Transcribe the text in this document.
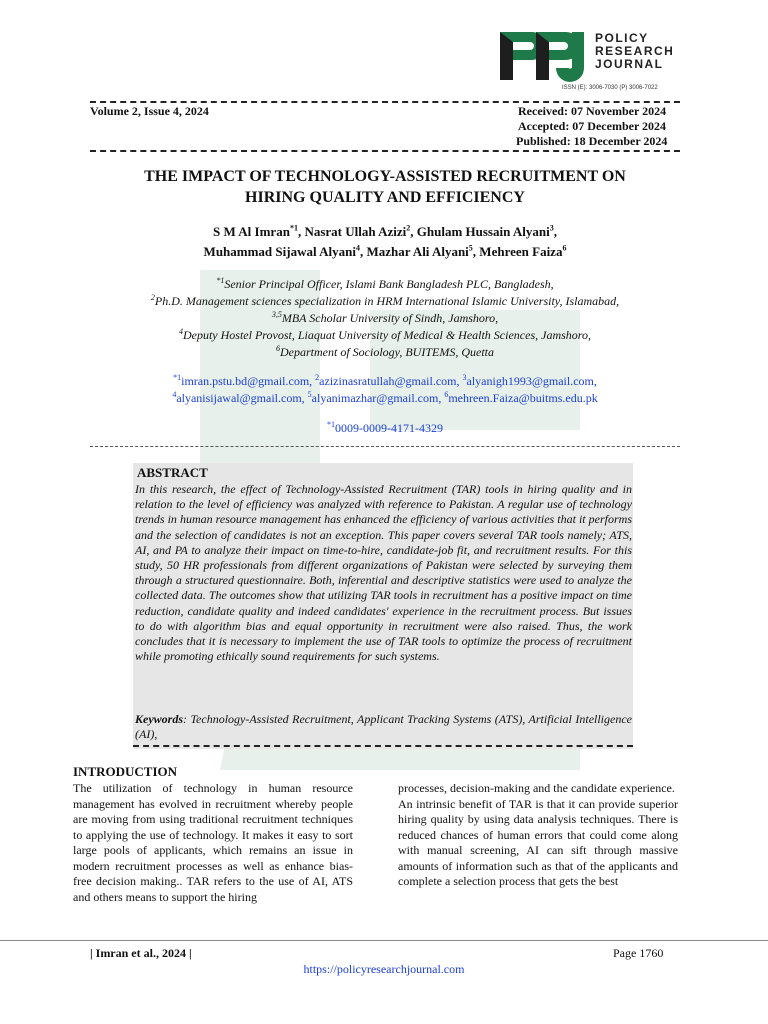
POLICY
RESEARCH
JOURNAL
ISSN (E): 3006-7030 (P) 3006-7022
Volume 2, Issue 4, 2024	Received: 07 November 2024
Accepted: 07 December 2024
Published: 18 December 2024
THE IMPACT OF TECHNOLOGY-ASSISTED RECRUITMENT ON
HIRING QUALITY AND EFFICIENCY
S M Al Imran$^{*1}$, Nasrat Ullah Azizi$^2$, Ghulam Hussain Alyani$^3$,
Muhammad Sijawal Alyani$^4$, Mazhar Ali Alyani$^5$, Mehreen Faiza$^6$
$^{*1}$Senior Principal Officer, Islami Bank Bangladesh PLC, Bangladesh,
$^2$Ph.D. Management sciences specialization in HRM International Islamic University, Islamabad,
$^{3,5}$MBA Scholar University of Sindh, Jamshoro,
$^4$Deputy Hostel Provost, Liaquat University of Medical & Health Sciences, Jamshoro,
$^6$Department of Sociology, BUITEMS, Quetta
$^{*1}$imran.pstu.bd@gmail.com, $^2$azizinasratullah@gmail.com, $^3$alyanigh1993@gmail.com,
$^4$alyanisijawal@gmail.com, $^5$alyanimazhar@gmail.com, $^6$mehreen.Faiza@buitms.edu.pk
$^{*1}$0009-0009-4171-4329
ABSTRACT
In this research, the effect of Technology-Assisted Recruitment (TAR) tools in hiring quality and in relation to the level of efficiency was analyzed with reference to Pakistan. A regular use of technology trends in human resource management has enhanced the efficiency of various activities that it performs and the selection of candidates is not an exception. This paper covers several TAR tools namely; ATS, AI, and PA to analyze their impact on time-to-hire, candidate-job fit, and recruitment results. For this study, 50 HR professionals from different organizations of Pakistan were selected by surveying them through a structured questionnaire. Both, inferential and descriptive statistics were used to analyze the collected data. The outcomes show that utilizing TAR tools in recruitment has a positive impact on time reduction, candidate quality and indeed candidates' experience in the recruitment process. But issues to do with algorithm bias and equal opportunity in recruitment were also raised. Thus, the work concludes that it is necessary to implement the use of TAR tools to optimize the process of recruitment while promoting ethically sound requirements for such systems.
Keywords: Technology-Assisted Recruitment, Applicant Tracking Systems (ATS), Artificial Intelligence (AI),
INTRODUCTION
The utilization of technology in human resource management has evolved in recruitment whereby people are moving from using traditional recruitment techniques to applying the use of technology. It makes it easy to sort large pools of applicants, which remains an issue in modern recruitment processes as well as enhance bias-free decision making.. TAR refers to the use of AI, ATS and others means to support the hiring
processes, decision-making and the candidate experience.
An intrinsic benefit of TAR is that it can provide superior hiring quality by using data analysis techniques. There is reduced chances of human errors that could come along with manual screening, AI can sift through massive amounts of information such as that of the applicants and complete a selection process that gets the best
| Imran et al., 2024 |	Page 1760
https://policyresearchjournal.com
